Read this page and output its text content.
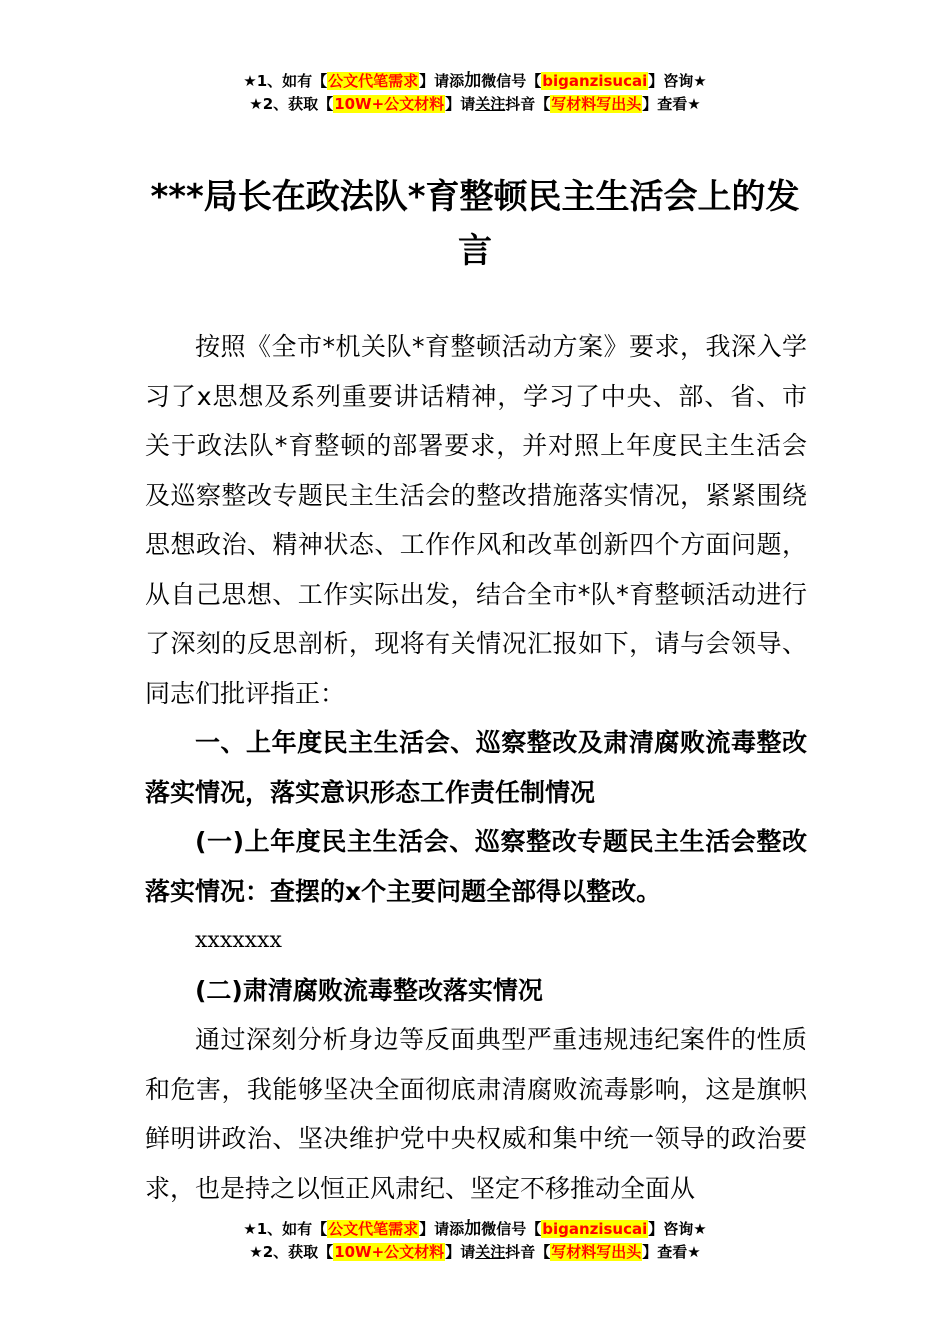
★1、如有【公文代笔需求】请添加微信号【biganzisucai】咨询★
★2、获取【10W+公文材料】请关注抖音【写材料写出头】查看★
***局长在政法队*育整顿民主生活会上的发言

按照《全市*机关队*育整顿活动方案》要求，我深入学习了x思想及系列重要讲话精神，学习了中央、部、省、市关于政法队*育整顿的部署要求，并对照上年度民主生活会及巡察整改专题民主生活会的整改措施落实情况，紧紧围绕思想政治、精神状态、工作作风和改革创新四个方面问题，从自己思想、工作实际出发，结合全市*队*育整顿活动进行了深刻的反思剖析，现将有关情况汇报如下，请与会领导、同志们批评指正：

一、上年度民主生活会、巡察整改及肃清腐败流毒整改落实情况，落实意识形态工作责任制情况

(一)上年度民主生活会、巡察整改专题民主生活会整改落实情况：查摆的x个主要问题全部得以整改。

xxxxxxx

(二)肃清腐败流毒整改落实情况

通过深刻分析身边等反面典型严重违规违纪案件的性质和危害，我能够坚决全面彻底肃清腐败流毒影响，这是旗帜鲜明讲政治、坚决维护党中央权威和集中统一领导的政治要求，也是持之以恒正风肃纪、坚定不移推动全面从

★1、如有【公文代笔需求】请添加微信号【biganzisucai】咨询★
★2、获取【10W+公文材料】请关注抖音【写材料写出头】查看★
